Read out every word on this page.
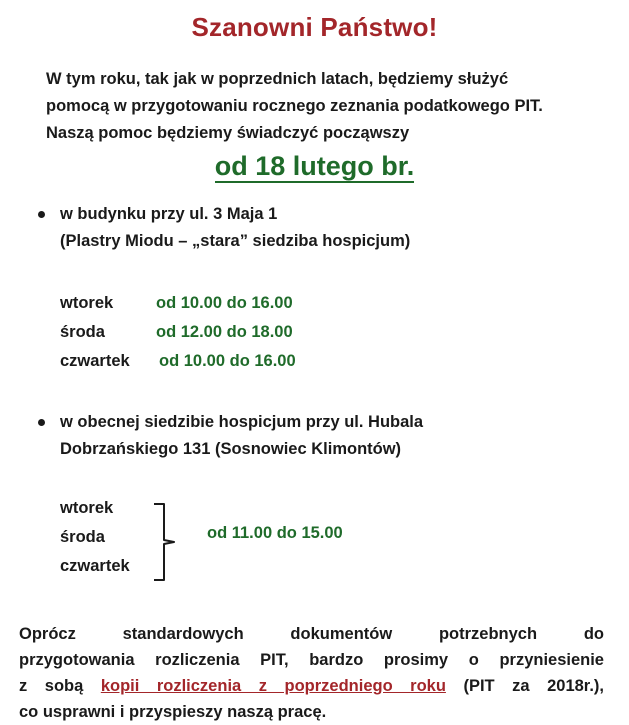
Szanowni Państwo!
W tym roku, tak jak w poprzednich latach, będziemy służyć
pomocą w przygotowaniu rocznego zeznania podatkowego PIT.
Naszą pomoc będziemy świadczyć począwszy
od 18 lutego br.
w budynku przy ul. 3 Maja 1
(Plastry Miodu – „stara” siedziba hospicjum)
wtorek	od 10.00 do 16.00
środa	od 12.00 do 18.00
czwartek od 10.00 do 16.00
w obecnej siedzibie hospicjum przy ul. Hubala
Dobrzańskiego 131 (Sosnowiec Klimontów)
wtorek
środa
czwartek
od 11.00 do 15.00
Oprócz standardowych dokumentów potrzebnych do
przygotowania rozliczenia PIT, bardzo prosimy o przyniesienie
z sobą kopii rozliczenia z poprzedniego roku (PIT za 2018r.),
co usprawni i przyspieszy naszą pracę.
